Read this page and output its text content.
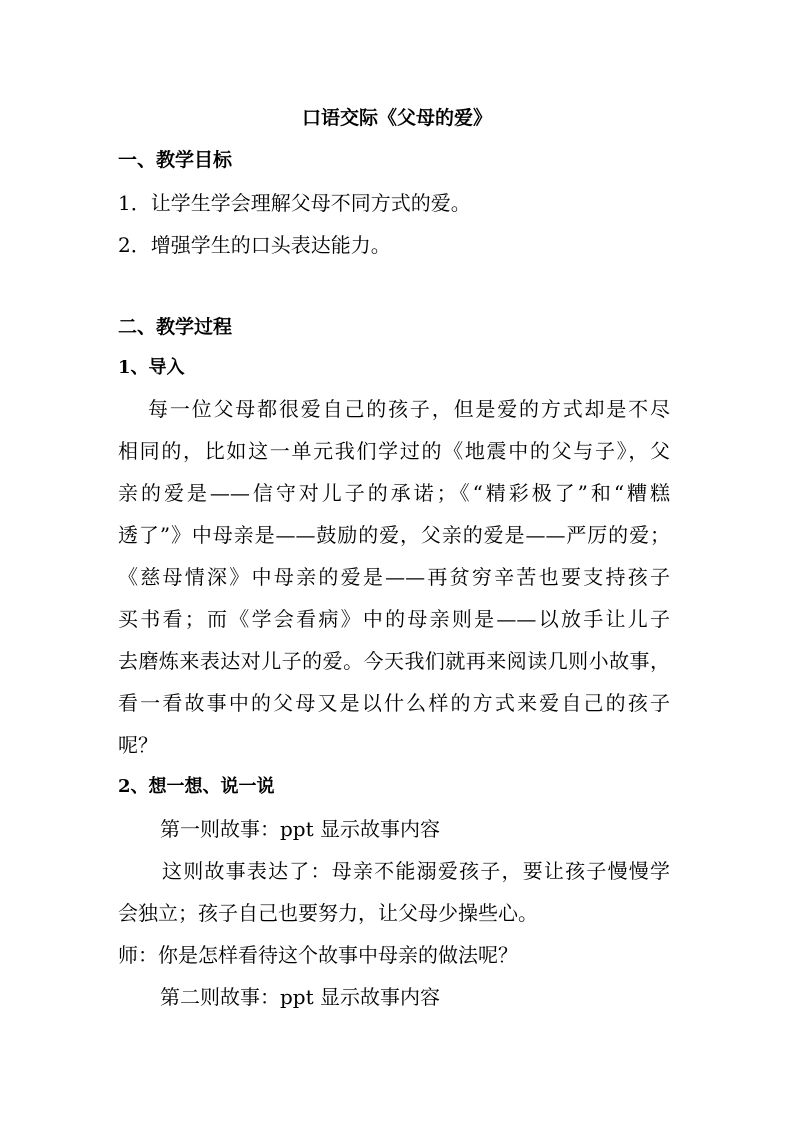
口语交际《父母的爱》
一、教学目标
1．让学生学会理解父母不同方式的爱。
2．增强学生的口头表达能力。
二、教学过程
1、导入
每一位父母都很爱自己的孩子，但是爱的方式却是不尽
相同的，比如这一单元我们学过的《地震中的父与子》，父
亲的爱是——信守对儿子的承诺；《“精彩极了”和“糟糕
透了”》中母亲是——鼓励的爱，父亲的爱是——严厉的爱；
《慈母情深》中母亲的爱是——再贫穷辛苦也要支持孩子
买书看；而《学会看病》中的母亲则是——以放手让儿子
去磨炼来表达对儿子的爱。今天我们就再来阅读几则小故事，
看一看故事中的父母又是以什么样的方式来爱自己的孩子
呢？
2、想一想、说一说
第一则故事：ppt 显示故事内容
这则故事表达了：母亲不能溺爱孩子，要让孩子慢慢学
会独立；孩子自己也要努力，让父母少操些心。
师：你是怎样看待这个故事中母亲的做法呢？
第二则故事：ppt 显示故事内容
